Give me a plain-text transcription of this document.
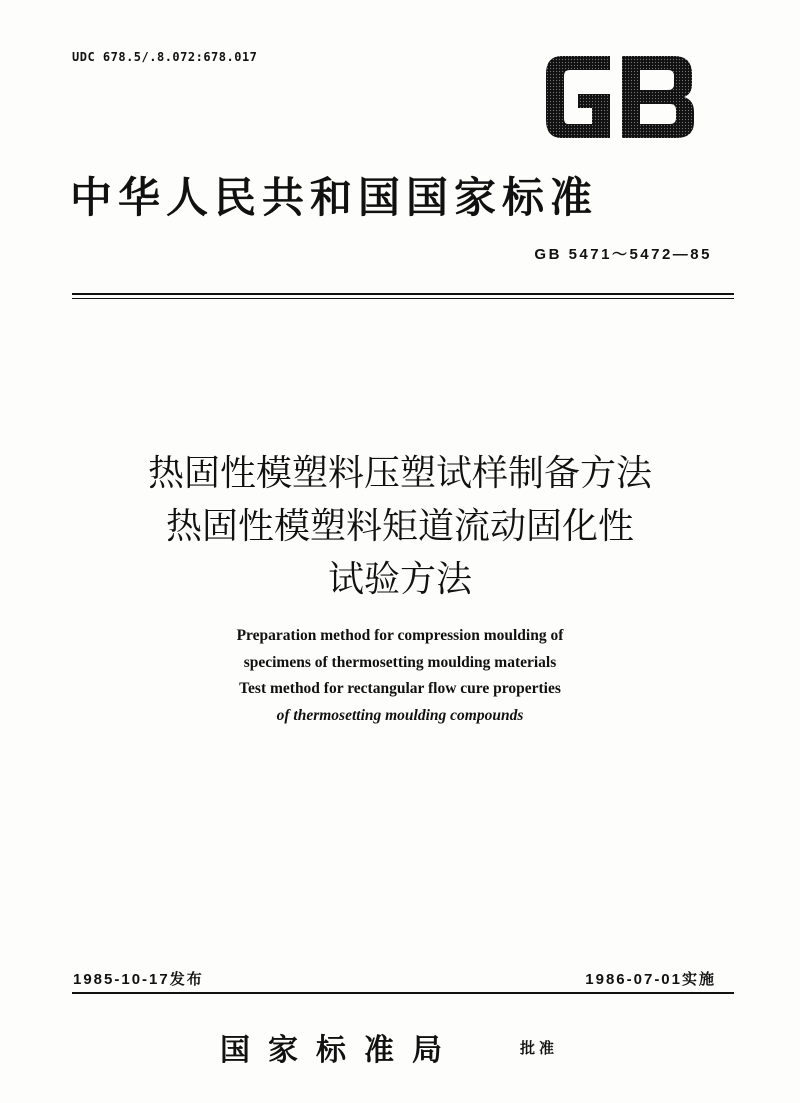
UDC 678.5/.8.072:678.017
中华人民共和国国家标准
GB 5471～5472—85
热固性模塑料压塑试样制备方法
热固性模塑料矩道流动固化性
试验方法
Preparation method for compression moulding of
specimens of thermosetting moulding materials
Test method for rectangular flow cure properties
of thermosetting moulding compounds
1985-10-17发布	1986-07-01实施
国家标准局	批准
